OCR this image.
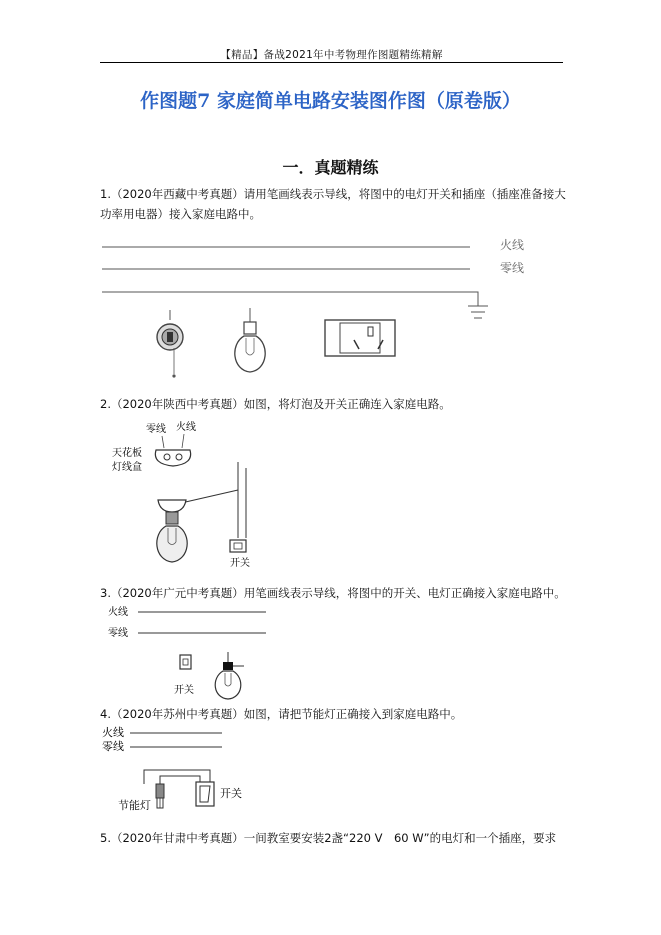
【精品】备战2021年中考物理作图题精练精解
作图题7 家庭简单电路安装图作图（原卷版）
一．真题精练

1.（2020年西藏中考真题）请用笔画线表示导线，将图中的电灯开关和插座（插座准备接大功率用电器）接入家庭电路中。

火线
零线

2.（2020年陕西中考真题）如图，将灯泡及开关正确连入家庭电路。

零线 火线
天花板
灯线盒
开关

3.（2020年广元中考真题）用笔画线表示导线，将图中的开关、电灯正确接入家庭电路中。

火线
零线
开关

4.（2020年苏州中考真题）如图，请把节能灯正确接入到家庭电路中。

火线
零线
节能灯
开关

5.（2020年甘肃中考真题）一间教室要安装2盏“220 V　60 W”的电灯和一个插座，要求
